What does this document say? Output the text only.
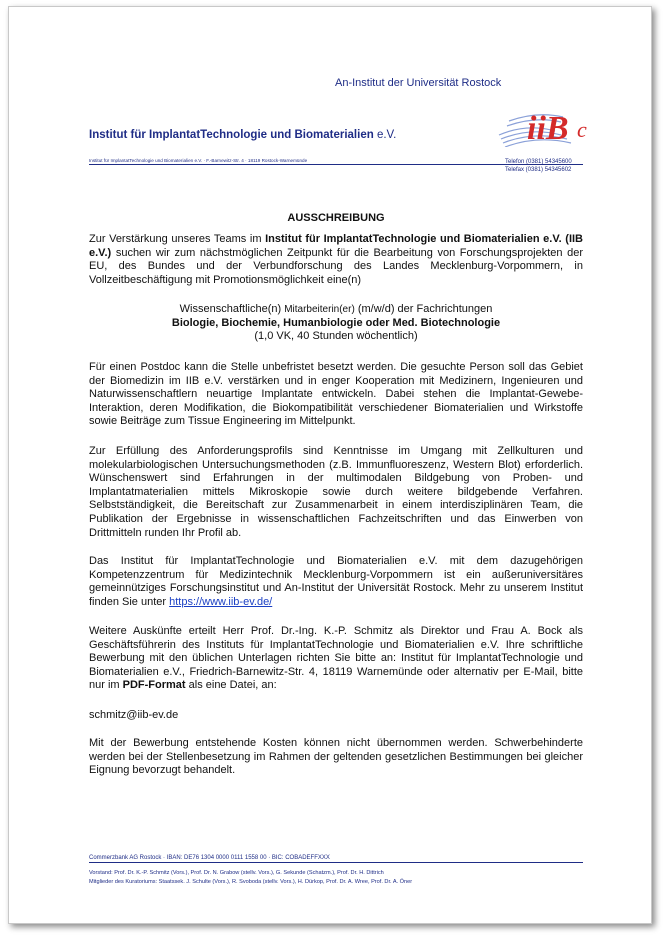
An-Institut der Universität Rostock
iiB c
Institut für ImplantatTechnologie und Biomaterialien e.V.
Institut für ImplantatTechnologie und Biomaterialien e.V. · F.-Barnewitz-Str. 4 · 18119 Rostock-Warnemünde	Telefon (0381) 54345600
Telefax (0381) 54345602
AUSSCHREIBUNG
Zur Verstärkung unseres Teams im Institut für ImplantatTechnologie und Biomaterialien e.V. (IIB e.V.) suchen wir zum nächstmöglichen Zeitpunkt für die Bearbeitung von Forschungsprojekten der EU, des Bundes und der Verbundforschung des Landes Mecklenburg-Vorpommern, in Vollzeitbeschäftigung mit Promotionsmöglichkeit eine(n)
Wissenschaftliche(n) Mitarbeiterin(er) (m/w/d) der Fachrichtungen
Biologie, Biochemie, Humanbiologie oder Med. Biotechnologie
(1,0 VK, 40 Stunden wöchentlich)
Für einen Postdoc kann die Stelle unbefristet besetzt werden. Die gesuchte Person soll das Gebiet der Biomedizin im IIB e.V. verstärken und in enger Kooperation mit Medizinern, Ingenieuren und Naturwissenschaftlern neuartige Implantate entwickeln. Dabei stehen die Implantat-Gewebe-Interaktion, deren Modifikation, die Biokompatibilität verschiedener Biomaterialien und Wirkstoffe sowie Beiträge zum Tissue Engineering im Mittelpunkt.
Zur Erfüllung des Anforderungsprofils sind Kenntnisse im Umgang mit Zellkulturen und molekularbiologischen Untersuchungsmethoden (z.B. Immunfluoreszenz, Western Blot) erforderlich. Wünschenswert sind Erfahrungen in der multimodalen Bildgebung von Proben- und Implantatmaterialien mittels Mikroskopie sowie durch weitere bildgebende Verfahren. Selbstständigkeit, die Bereitschaft zur Zusammenarbeit in einem interdisziplinären Team, die Publikation der Ergebnisse in wissenschaftlichen Fachzeitschriften und das Einwerben von Drittmitteln runden Ihr Profil ab.
Das Institut für ImplantatTechnologie und Biomaterialien e.V. mit dem dazugehörigen Kompetenzzentrum für Medizintechnik Mecklenburg-Vorpommern ist ein außeruniversitäres gemeinnütziges Forschungsinstitut und An-Institut der Universität Rostock. Mehr zu unserem Institut finden Sie unter https://www.iib-ev.de/
Weitere Auskünfte erteilt Herr Prof. Dr.-Ing. K.-P. Schmitz als Direktor und Frau A. Bock als Geschäftsführerin des Instituts für ImplantatTechnologie und Biomaterialien e.V. Ihre schriftliche Bewerbung mit den üblichen Unterlagen richten Sie bitte an: Institut für ImplantatTechnologie und Biomaterialien e.V., Friedrich-Barnewitz-Str. 4, 18119 Warnemünde oder alternativ per E-Mail, bitte nur im PDF-Format als eine Datei, an:
schmitz@iib-ev.de
Mit der Bewerbung entstehende Kosten können nicht übernommen werden. Schwerbehinderte werden bei der Stellenbesetzung im Rahmen der geltenden gesetzlichen Bestimmungen bei gleicher Eignung bevorzugt behandelt.
Commerzbank AG Rostock · IBAN: DE76 1304 0000 0111 1558 00 · BIC: COBADEFFXXX
Vorstand: Prof. Dr. K.-P. Schmitz (Vors.), Prof. Dr. N. Grabow (stellv. Vors.), G. Sekunde (Schatzm.), Prof. Dr. H. Dittrich
Mitglieder des Kuratoriums: Staatssek. J. Schulte (Vors.), R. Svoboda (stellv. Vors.), H. Dürkop, Prof. Dr. A. Wree, Prof. Dr. A. Öner
